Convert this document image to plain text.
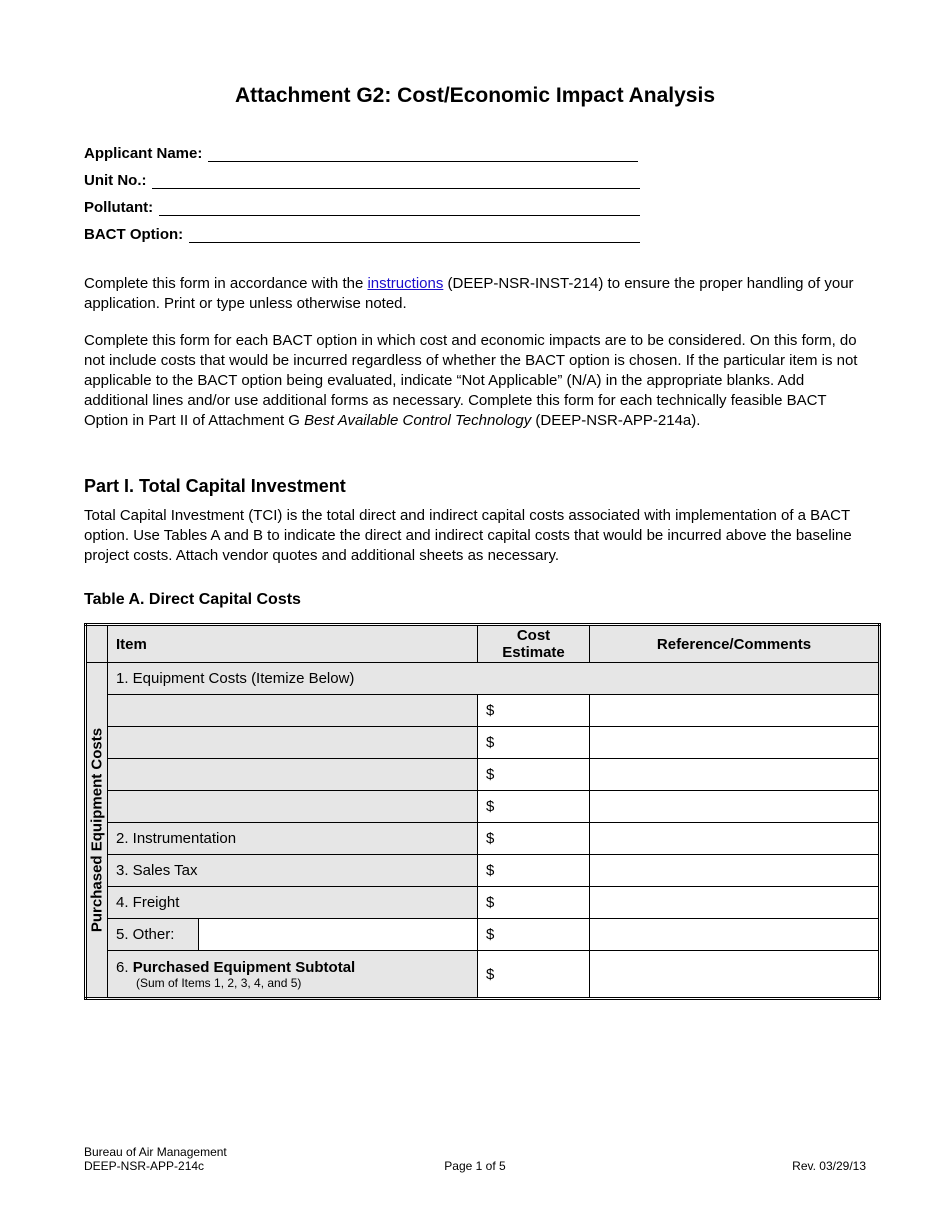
Attachment G2: Cost/Economic Impact Analysis
Applicant Name:
Unit No.:
Pollutant:
BACT Option:
Complete this form in accordance with the instructions (DEEP-NSR-INST-214) to ensure the proper handling of your application. Print or type unless otherwise noted.
Complete this form for each BACT option in which cost and economic impacts are to be considered. On this form, do not include costs that would be incurred regardless of whether the BACT option is chosen. If the particular item is not applicable to the BACT option being evaluated, indicate “Not Applicable” (N/A) in the appropriate blanks. Add additional lines and/or use additional forms as necessary. Complete this form for each technically feasible BACT Option in Part II of Attachment G Best Available Control Technology (DEEP-NSR-APP-214a).
Part I. Total Capital Investment
Total Capital Investment (TCI) is the total direct and indirect capital costs associated with implementation of a BACT option. Use Tables A and B to indicate the direct and indirect capital costs that would be incurred above the baseline project costs. Attach vendor quotes and additional sheets as necessary.
Table A. Direct Capital Costs
	Item	Cost Estimate	Reference/Comments

Purchased Equipment Costs	1. Equipment Costs (Itemize Below)		
		$	
		$	
		$	
		$	
	2. Instrumentation	$	
	3. Sales Tax	$	
	4. Freight	$	

	5. Other:	$	

	6. Purchased Equipment Subtotal
(Sum of Items 1, 2, 3, 4, and 5)	$	
Bureau of Air Management
DEEP-NSR-APP-214c	Page 1 of 5	Rev. 03/29/13
